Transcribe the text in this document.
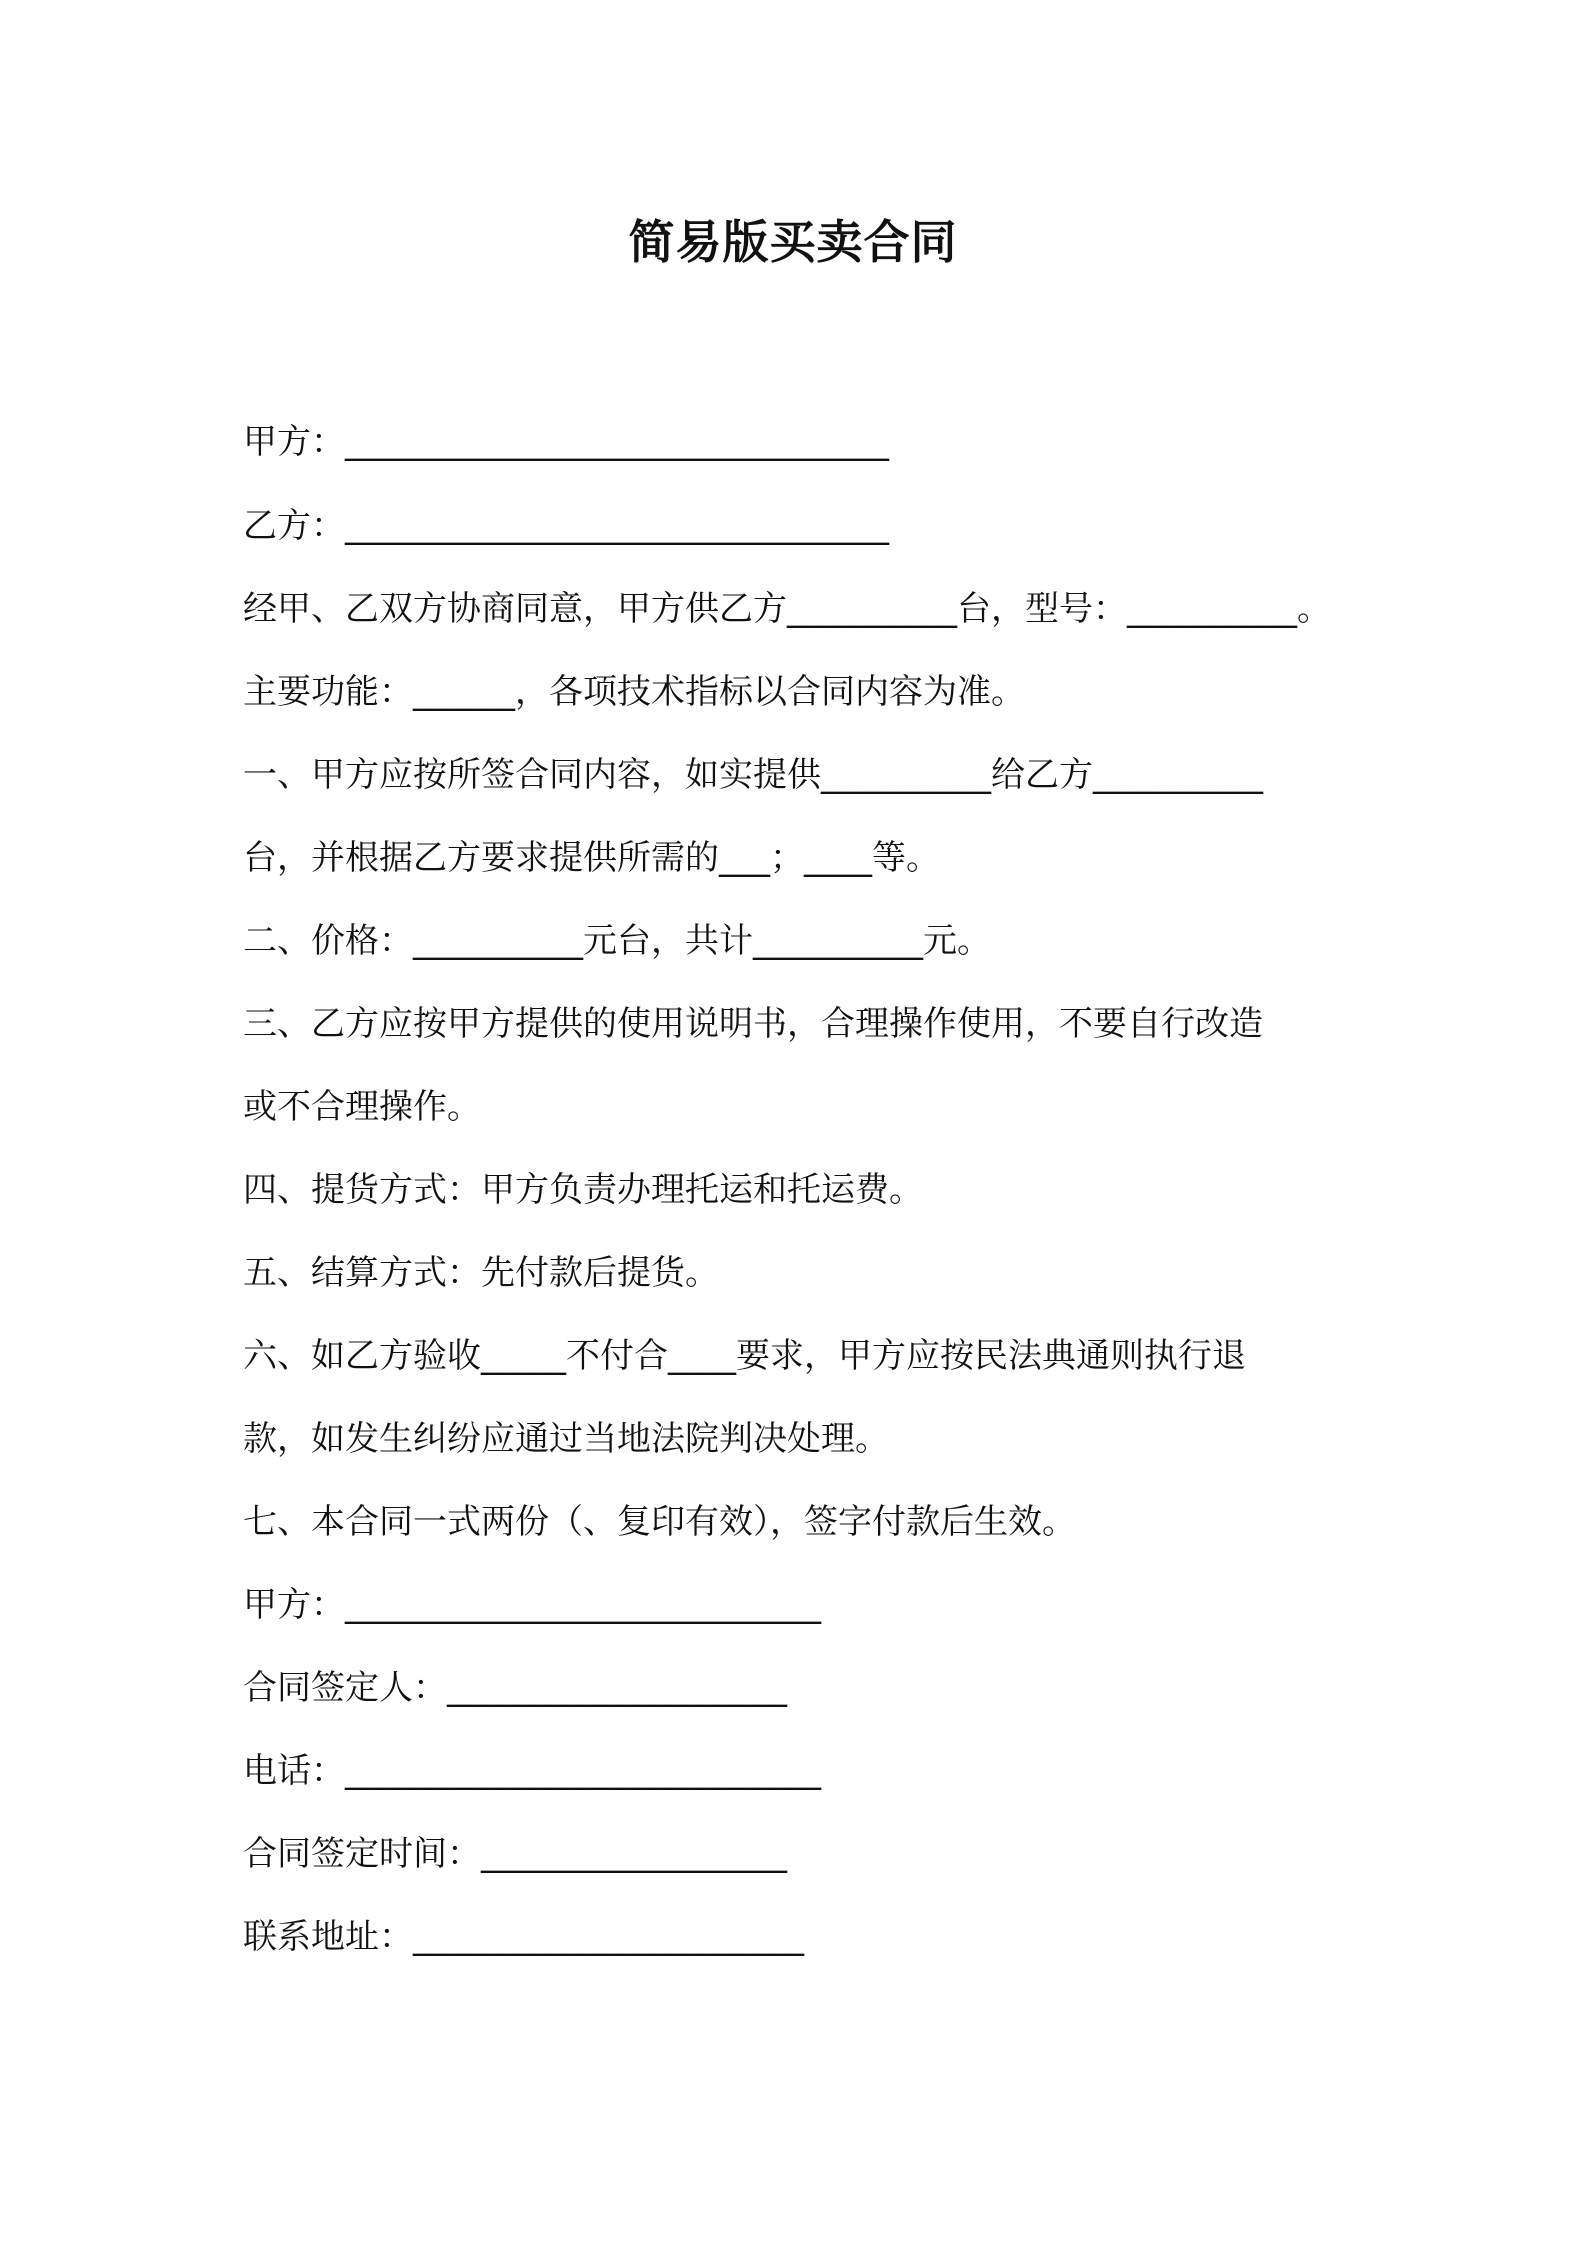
简易版买卖合同
甲方：________________________________
乙方：________________________________
经甲、乙双方协商同意，甲方供乙方__________台，型号：__________。
主要功能：______，各项技术指标以合同内容为准。
一、甲方应按所签合同内容，如实提供__________给乙方__________
台，并根据乙方要求提供所需的___；____等。
二、价格：__________元台，共计__________元。
三、乙方应按甲方提供的使用说明书，合理操作使用，不要自行改造
或不合理操作。
四、提货方式：甲方负责办理托运和托运费。
五、结算方式：先付款后提货。
六、如乙方验收_____不付合____要求，甲方应按民法典通则执行退
款，如发生纠纷应通过当地法院判决处理。
七、本合同一式两份（、复印有效），签字付款后生效。
甲方：____________________________
合同签定人：____________________
电话：____________________________
合同签定时间：__________________
联系地址：_______________________
